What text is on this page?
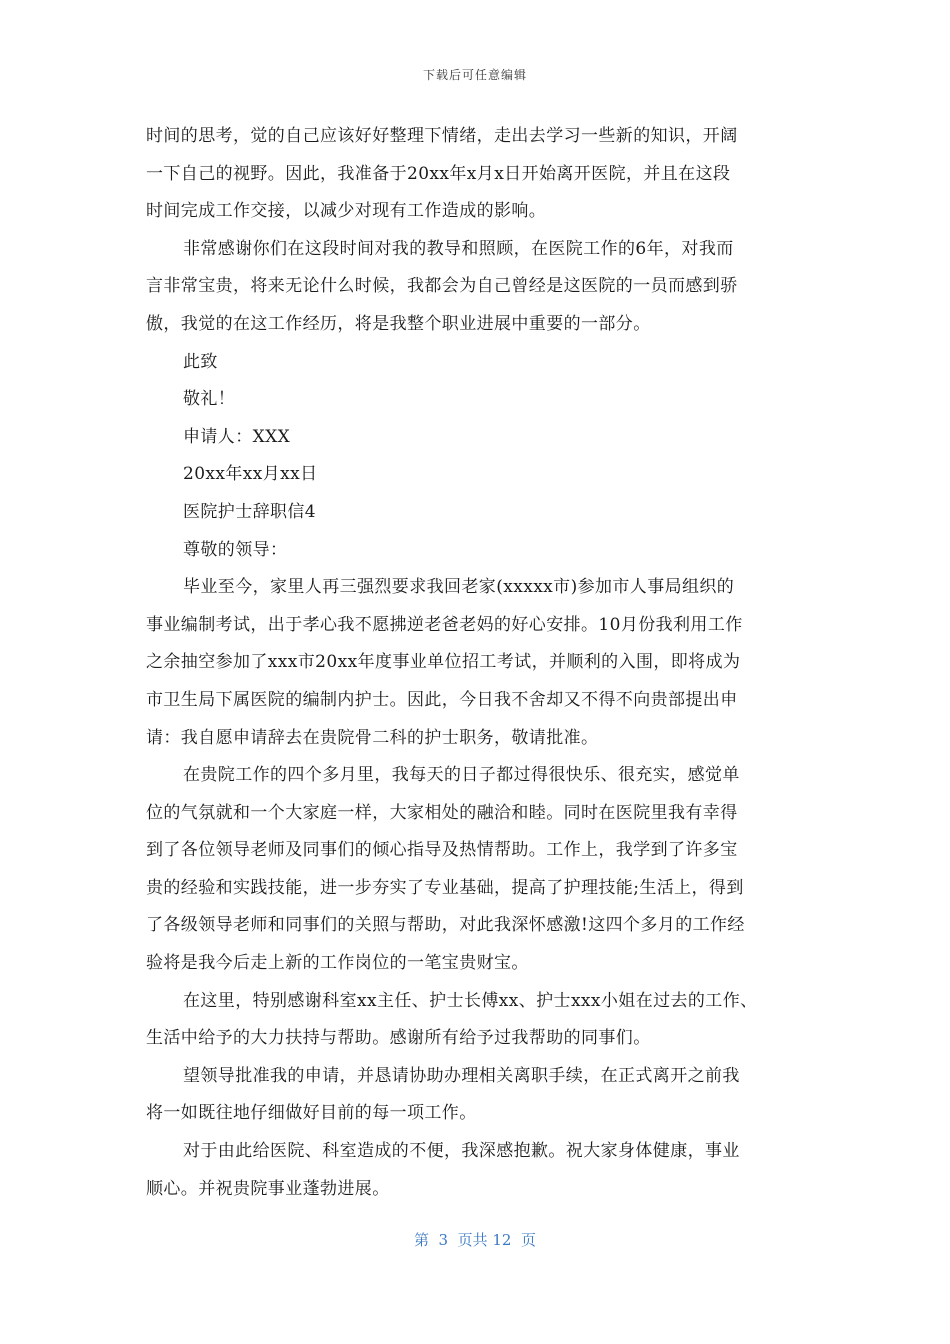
下载后可任意编辑
时间的思考，觉的自己应该好好整理下情绪，走出去学习一些新的知识，开阔
一下自己的视野。因此，我准备于20xx年x月x日开始离开医院，并且在这段
时间完成工作交接，以减少对现有工作造成的影响。
非常感谢你们在这段时间对我的教导和照顾，在医院工作的6年，对我而
言非常宝贵，将来无论什么时候，我都会为自己曾经是这医院的一员而感到骄
傲，我觉的在这工作经历，将是我整个职业进展中重要的一部分。
此致
敬礼！
申请人：XXX
20xx年xx月xx日
医院护士辞职信4
尊敬的领导：
毕业至今，家里人再三强烈要求我回老家(xxxxx市)参加市人事局组织的
事业编制考试，出于孝心我不愿拂逆老爸老妈的好心安排。10月份我利用工作
之余抽空参加了xxx市20xx年度事业单位招工考试，并顺利的入围，即将成为
市卫生局下属医院的编制内护士。因此，今日我不舍却又不得不向贵部提出申
请：我自愿申请辞去在贵院骨二科的护士职务，敬请批准。
在贵院工作的四个多月里，我每天的日子都过得很快乐、很充实，感觉单
位的气氛就和一个大家庭一样，大家相处的融洽和睦。同时在医院里我有幸得
到了各位领导老师及同事们的倾心指导及热情帮助。工作上，我学到了许多宝
贵的经验和实践技能，进一步夯实了专业基础，提高了护理技能;生活上，得到
了各级领导老师和同事们的关照与帮助，对此我深怀感激!这四个多月的工作经
验将是我今后走上新的工作岗位的一笔宝贵财宝。
在这里，特别感谢科室xx主任、护士长傅xx、护士xxx小姐在过去的工作、
生活中给予的大力扶持与帮助。感谢所有给予过我帮助的同事们。
望领导批准我的申请，并恳请协助办理相关离职手续，在正式离开之前我
将一如既往地仔细做好目前的每一项工作。
对于由此给医院、科室造成的不便，我深感抱歉。祝大家身体健康，事业
顺心。并祝贵院事业蓬勃进展。
第  3  页共 12  页
